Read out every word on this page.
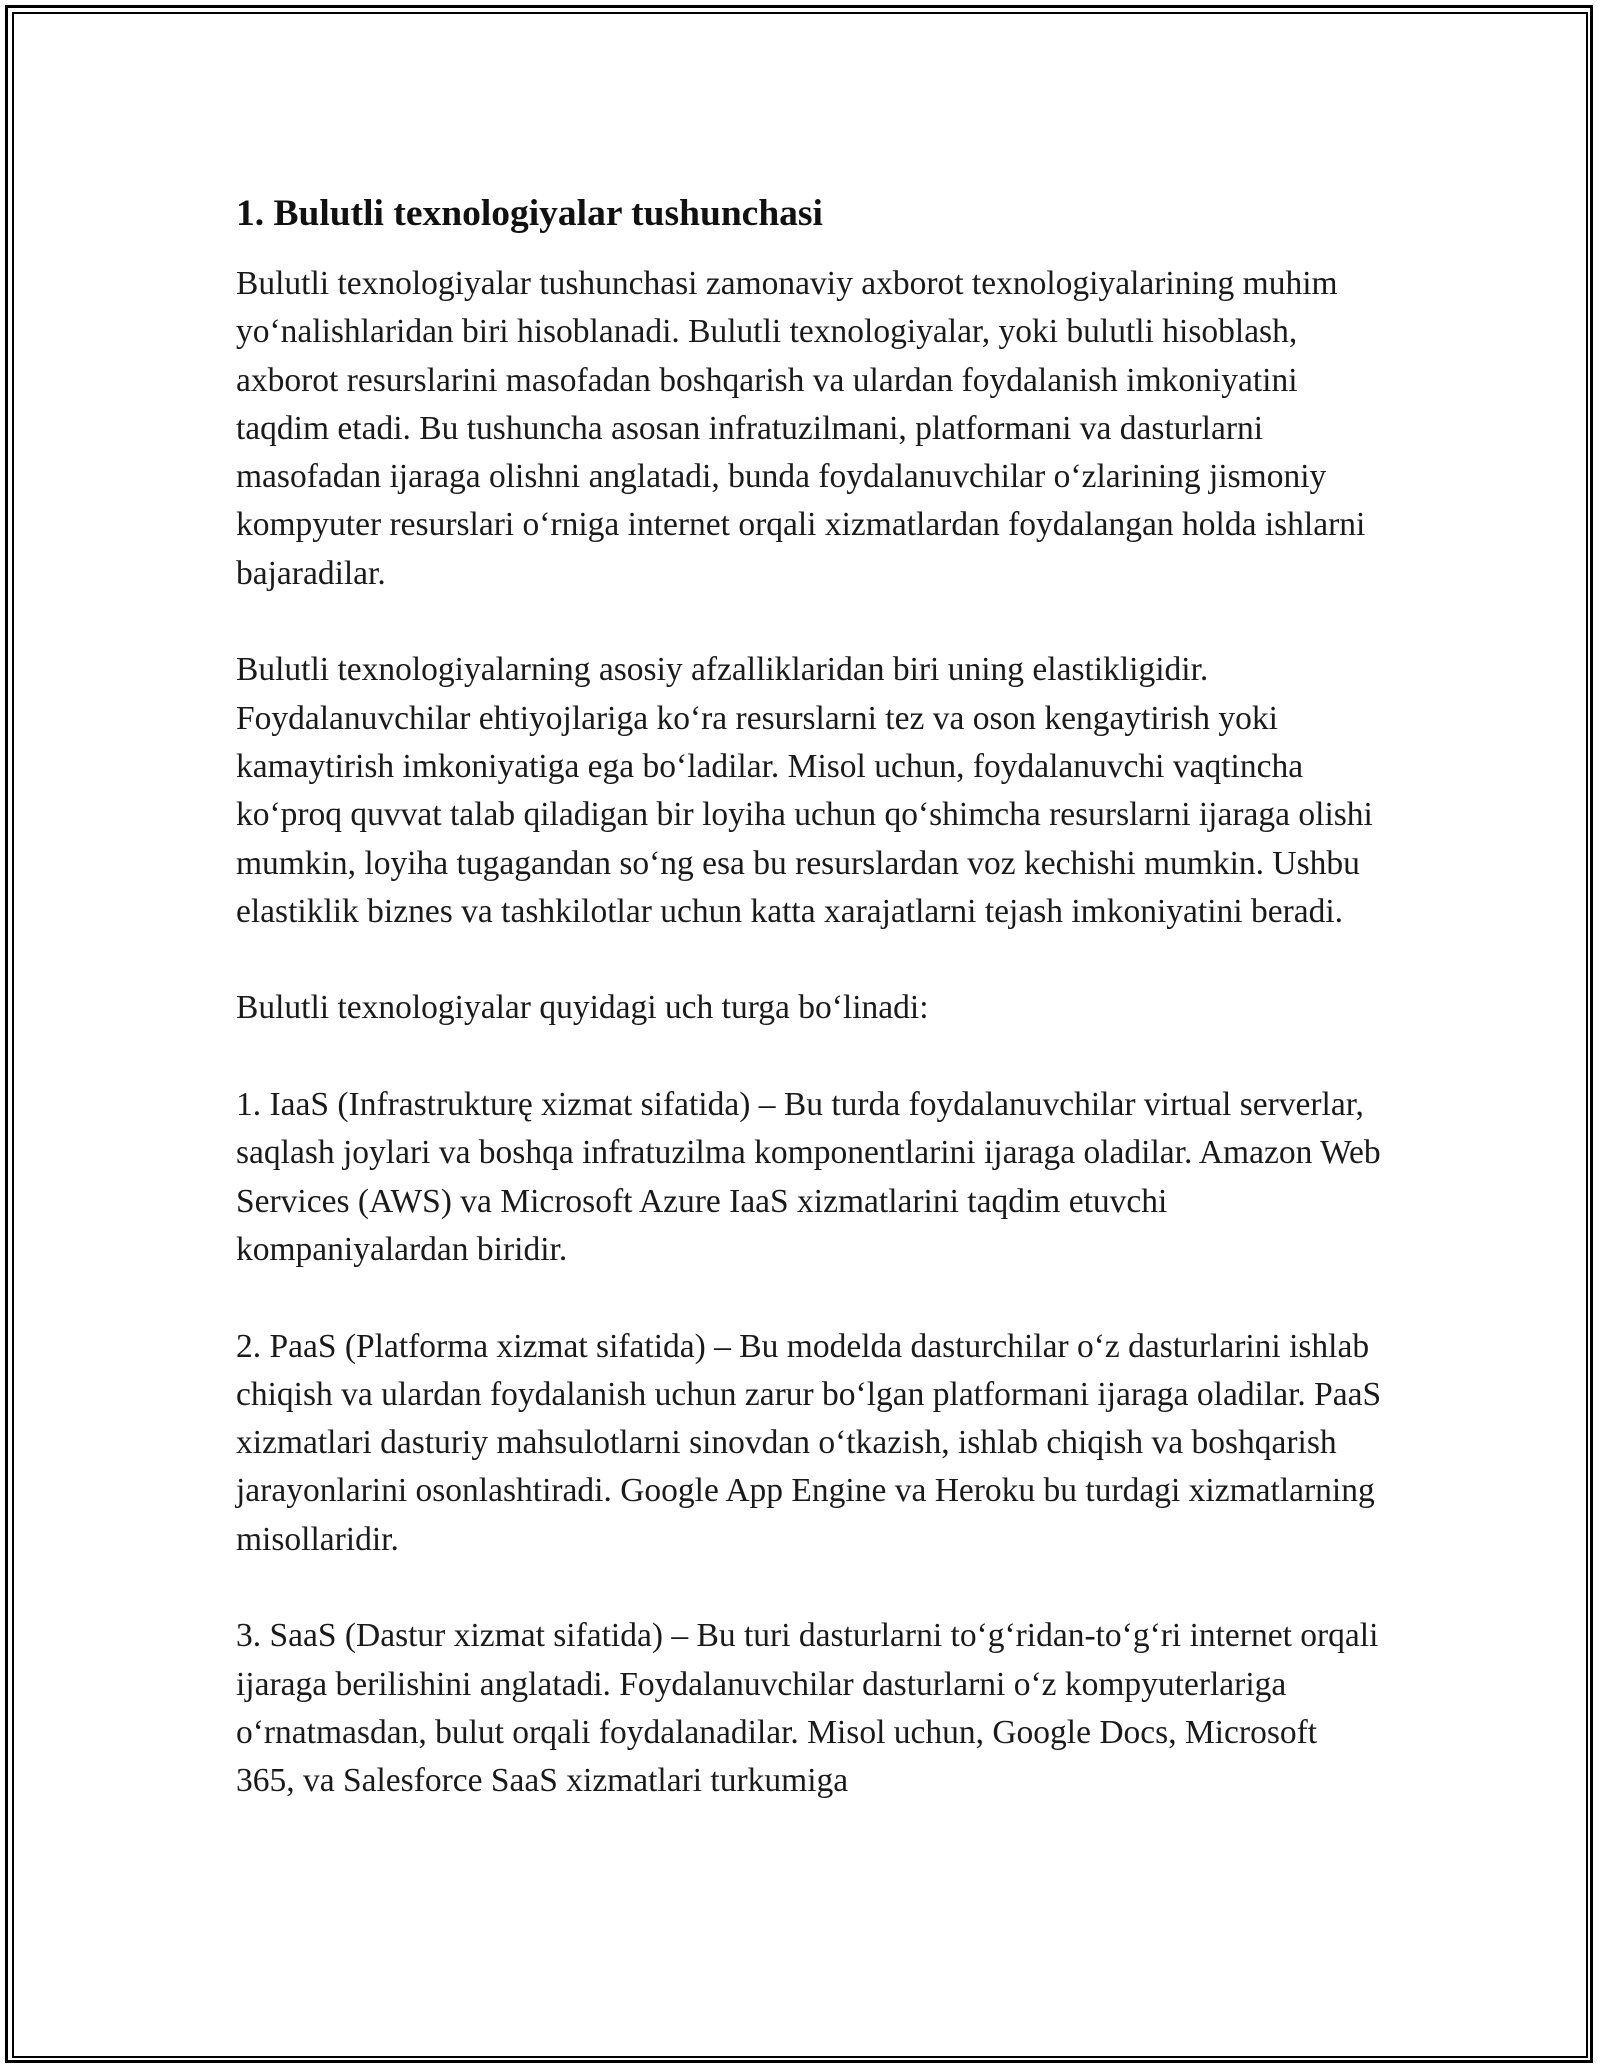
1. Bulutli texnologiyalar tushunchasi

Bulutli texnologiyalar tushunchasi zamonaviy axborot texnologiyalarining muhim yo‘nalishlaridan biri hisoblanadi. Bulutli texnologiyalar, yoki bulutli hisoblash, axborot resurslarini masofadan boshqarish va ulardan foydalanish imkoniyatini taqdim etadi. Bu tushuncha asosan infratuzilmani, platformani va dasturlarni masofadan ijaraga olishni anglatadi, bunda foydalanuvchilar o‘zlarining jismoniy kompyuter resurslari o‘rniga internet orqali xizmatlardan foydalangan holda ishlarni bajaradilar.

Bulutli texnologiyalarning asosiy afzalliklaridan biri uning elastikligidir. Foydalanuvchilar ehtiyojlariga ko‘ra resurslarni tez va oson kengaytirish yoki kamaytirish imkoniyatiga ega bo‘ladilar. Misol uchun, foydalanuvchi vaqtincha ko‘proq quvvat talab qiladigan bir loyiha uchun qo‘shimcha resurslarni ijaraga olishi mumkin, loyiha tugagandan so‘ng esa bu resurslardan voz kechishi mumkin. Ushbu elastiklik biznes va tashkilotlar uchun katta xarajatlarni tejash imkoniyatini beradi.

Bulutli texnologiyalar quyidagi uch turga bo‘linadi:

1. IaaS (Infrastrukturę xizmat sifatida) – Bu turda foydalanuvchilar virtual serverlar, saqlash joylari va boshqa infratuzilma komponentlarini ijaraga oladilar. Amazon Web Services (AWS) va Microsoft Azure IaaS xizmatlarini taqdim etuvchi kompaniyalardan biridir.

2. PaaS (Platforma xizmat sifatida) – Bu modelda dasturchilar o‘z dasturlarini ishlab chiqish va ulardan foydalanish uchun zarur bo‘lgan platformani ijaraga oladilar. PaaS xizmatlari dasturiy mahsulotlarni sinovdan o‘tkazish, ishlab chiqish va boshqarish jarayonlarini osonlashtiradi. Google App Engine va Heroku bu turdagi xizmatlarning misollaridir.

3. SaaS (Dastur xizmat sifatida) – Bu turi dasturlarni to‘g‘ridan-to‘g‘ri internet orqali ijaraga berilishini anglatadi. Foydalanuvchilar dasturlarni o‘z kompyuterlariga o‘rnatmasdan, bulut orqali foydalanadilar. Misol uchun, Google Docs, Microsoft 365, va Salesforce SaaS xizmatlari turkumiga
